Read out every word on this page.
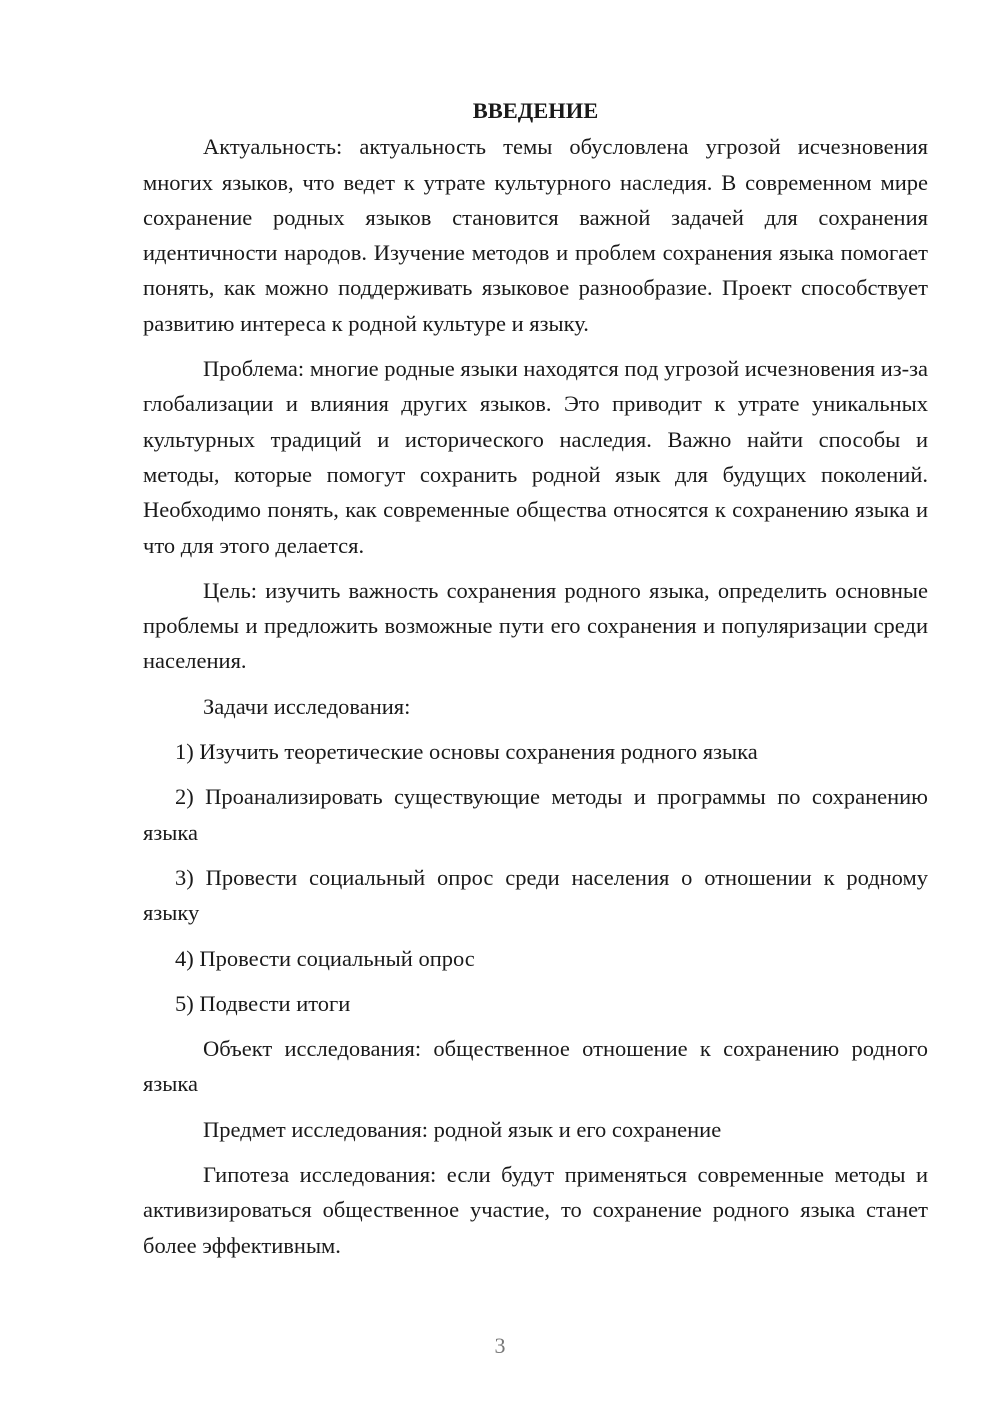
ВВЕДЕНИЕ

Актуальность: актуальность темы обусловлена угрозой исчезновения многих языков, что ведет к утрате культурного наследия. В современном мире сохранение родных языков становится важной задачей для сохранения идентичности народов. Изучение методов и проблем сохранения языка помогает понять, как можно поддерживать языковое разнообразие. Проект способствует развитию интереса к родной культуре и языку.

Проблема: многие родные языки находятся под угрозой исчезновения из-за глобализации и влияния других языков. Это приводит к утрате уникальных культурных традиций и исторического наследия. Важно найти способы и методы, которые помогут сохранить родной язык для будущих поколений. Необходимо понять, как современные общества относятся к сохранению языка и что для этого делается.

Цель: изучить важность сохранения родного языка, определить основные проблемы и предложить возможные пути его сохранения и популяризации среди населения.

Задачи исследования:

1) Изучить теоретические основы сохранения родного языка

2) Проанализировать существующие методы и программы по сохранению языка

3) Провести социальный опрос среди населения о отношении к родному языку

4) Провести социальный опрос

5) Подвести итоги

Объект исследования: общественное отношение к сохранению родного языка

Предмет исследования: родной язык и его сохранение

Гипотеза исследования: если будут применяться современные методы и активизироваться общественное участие, то сохранение родного языка станет более эффективным.

3
